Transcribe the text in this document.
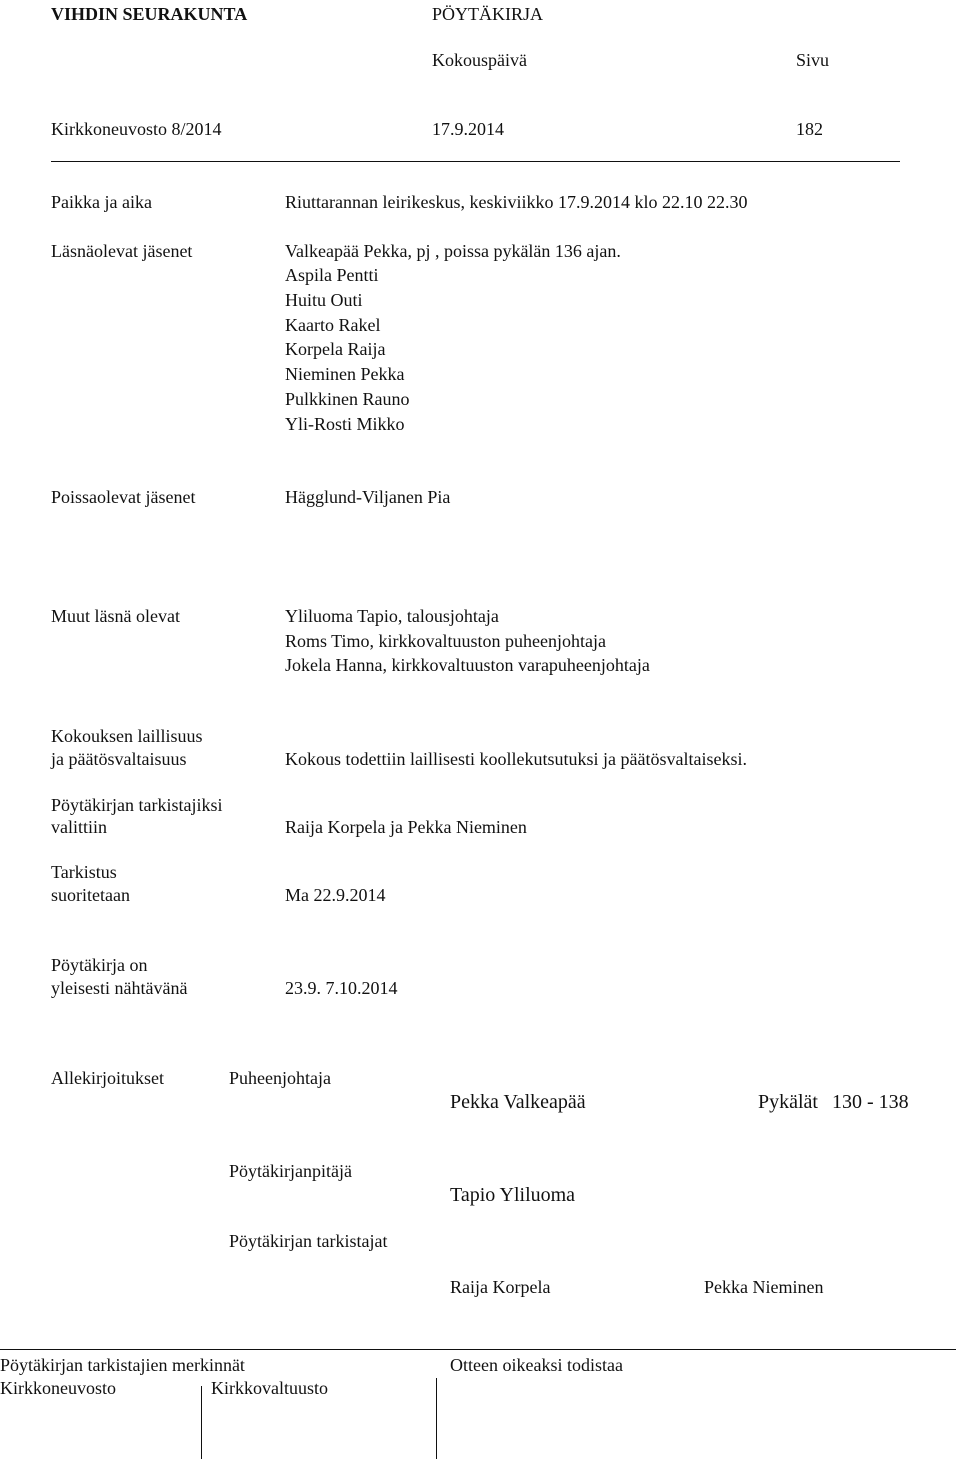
VIHDIN SEURAKUNTA	PÖYTÄKIRJA
Kokouspäivä	Sivu
Kirkkoneuvosto 8/2014	17.9.2014	182
Paikka ja aika	Riuttarannan leirikeskus, keskiviikko 17.9.2014 klo 22.10 22.30
Läsnäolevat jäsenet	Valkeapää Pekka, pj , poissa pykälän 136 ajan.
Aspila Pentti
Huitu Outi
Kaarto Rakel
Korpela Raija
Nieminen Pekka
Pulkkinen Rauno
Yli-Rosti Mikko
Poissaolevat jäsenet	Hägglund-Viljanen Pia
Muut läsnä olevat	Yliluoma Tapio, talousjohtaja
Roms Timo, kirkkovaltuuston puheenjohtaja
Jokela Hanna, kirkkovaltuuston varapuheenjohtaja
Kokouksen laillisuus
ja päätösvaltaisuus	Kokous todettiin laillisesti koollekutsutuksi ja päätösvaltaiseksi.
Pöytäkirjan tarkistajiksi
valittiin	Raija Korpela ja Pekka Nieminen
Tarkistus
suoritetaan	Ma 22.9.2014
Pöytäkirja on
yleisesti nähtävänä	23.9. 7.10.2014
Allekirjoitukset	Puheenjohtaja
Pekka Valkeapää	Pykälät 130 - 138
Pöytäkirjanpitäjä
Tapio Yliluoma
Pöytäkirjan tarkistajat
Raija Korpela	Pekka Nieminen
Pöytäkirjan tarkistajien merkinnät	Otteen oikeaksi todistaa
Kirkkoneuvosto	Kirkkovaltuusto
